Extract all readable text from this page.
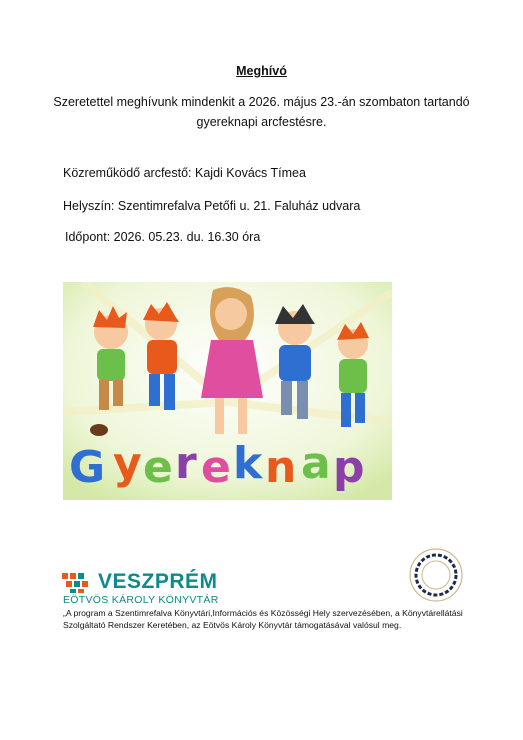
Meghívó
Szeretettel meghívunk mindenkit a 2026. május 23.-án szombaton tartandó gyereknapi arcfestésre.
Közreműködő arcfestő: Kajdi Kovács Tímea
Helyszín: Szentimrefalva Petőfi u. 21. Faluház udvara
Időpont: 2026. 05.23. du. 16.30 óra
G y e r e k n a p
VESZPRÉM
EÖTVÖS KÁROLY KÖNYVTÁR
„A program a Szentimrefalva Könyvtári,Információs és Közösségi Hely szervezésében, a Könyvtárellátási Szolgáltató Rendszer Keretében, az Eötvös Károly Könyvtár támogatásával valósul meg.
